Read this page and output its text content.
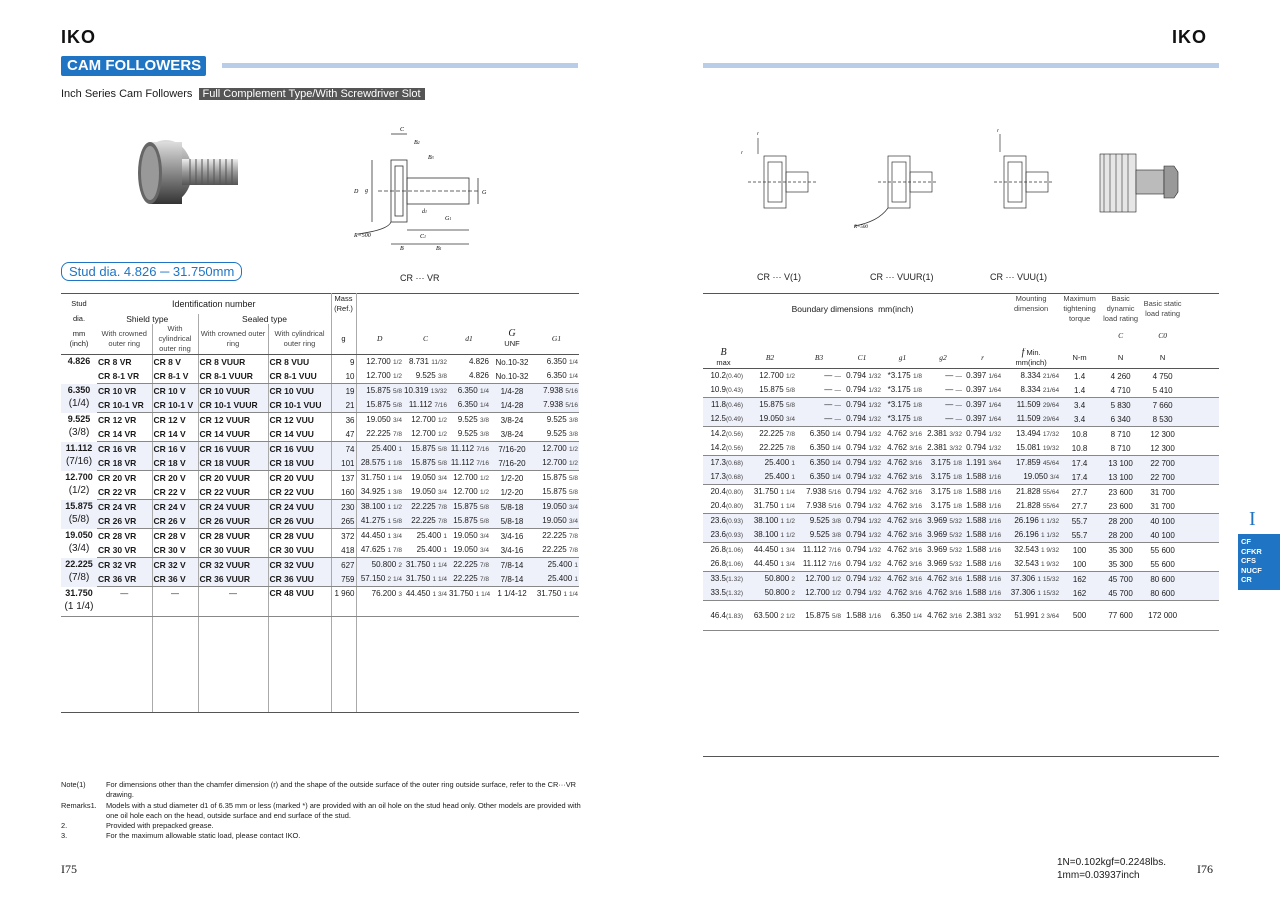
IKO
CAM FOLLOWERS
Inch Series Cam Followers Full Complement Type/With Screwdriver Slot
C
B2
B3
D g
d1
G1
G
C1
B	B1
R=500
Stud dia. 4.826 ─ 31.750mm	CR ··· VR
Stud	Identification number				Mass
(Ref.)					
dia.	Shield type		Sealed type							
mm
(inch)	With crowned outer ring	With cylindrical outer ring	With crowned outer ring	With cylindrical outer ring	g	D	C	d1	G
UNF	G1

4.826	CR 8 VR	CR 8 V	CR 8 VUUR	CR 8 VUU	9	12.700 1/2	8.731 11/32	4.826	No.10-32	6.350 1/4
	CR 8-1 VR	CR 8-1 V	CR 8-1 VUUR	CR 8-1 VUU	10	12.700 1/2	9.525 3/8	4.826	No.10-32	6.350 1/4

6.350
(1/4)	CR 10 VR	CR 10 V	CR 10 VUUR	CR 10 VUU	19	15.875 5/8	10.319 13/32	6.350 1/4	1/4-28	7.938 5/16
	CR 10-1 VR	CR 10-1 V	CR 10-1 VUUR	CR 10-1 VUU	21	15.875 5/8	11.112 7/16	6.350 1/4	1/4-28	7.938 5/16

9.525
(3/8)	CR 12 VR	CR 12 V	CR 12 VUUR	CR 12 VUU	36	19.050 3/4	12.700 1/2	9.525 3/8	3/8-24	9.525 3/8
	CR 14 VR	CR 14 V	CR 14 VUUR	CR 14 VUU	47	22.225 7/8	12.700 1/2	9.525 3/8	3/8-24	9.525 3/8

11.112
(7/16)	CR 16 VR	CR 16 V	CR 16 VUUR	CR 16 VUU	74	25.400 1	15.875 5/8	11.112 7/16	7/16-20	12.700 1/2
	CR 18 VR	CR 18 V	CR 18 VUUR	CR 18 VUU	101	28.575 1 1/8	15.875 5/8	11.112 7/16	7/16-20	12.700 1/2

12.700
(1/2)	CR 20 VR	CR 20 V	CR 20 VUUR	CR 20 VUU	137	31.750 1 1/4	19.050 3/4	12.700 1/2	1/2-20	15.875 5/8
	CR 22 VR	CR 22 V	CR 22 VUUR	CR 22 VUU	160	34.925 1 3/8	19.050 3/4	12.700 1/2	1/2-20	15.875 5/8

15.875
(5/8)	CR 24 VR	CR 24 V	CR 24 VUUR	CR 24 VUU	230	38.100 1 1/2	22.225 7/8	15.875 5/8	5/8-18	19.050 3/4
	CR 26 VR	CR 26 V	CR 26 VUUR	CR 26 VUU	265	41.275 1 5/8	22.225 7/8	15.875 5/8	5/8-18	19.050 3/4

19.050
(3/4)	CR 28 VR	CR 28 V	CR 28 VUUR	CR 28 VUU	372	44.450 1 3/4	25.400 1	19.050 3/4	3/4-16	22.225 7/8
	CR 30 VR	CR 30 V	CR 30 VUUR	CR 30 VUU	418	47.625 1 7/8	25.400 1	19.050 3/4	3/4-16	22.225 7/8

22.225
(7/8)	CR 32 VR	CR 32 V	CR 32 VUUR	CR 32 VUU	627	50.800 2	31.750 1 1/4	22.225 7/8	7/8-14	25.400 1
	CR 36 VR	CR 36 V	CR 36 VUUR	CR 36 VUU	759	57.150 2 1/4	31.750 1 1/4	22.225 7/8	7/8-14	25.400 1

31.750
(1 1/4)	—	—	—	CR 48 VUU	1 960	76.200 3	44.450 1 3/4	31.750 1 1/4	1 1/4-12	31.750 1 1/4

Note(1)	For dimensions other than the chamfer dimension (r) and the shape of the outside surface of the outer ring outside surface, refer to the CR···VR drawing.
Remarks1.	Models with a stud diameter d1 of 6.35 mm or less (marked *) are provided with an oil hole on the stud head only. Other models are provided with one oil hole each on the head, outside surface and end surface of the stud.
2.	Provided with prepacked grease.
3.	For the maximum allowable static load, please contact IKO.
I75
IKO
r
r
r
R=500
CR ··· V(1)	CR ··· VUUR(1)	CR ··· VUU(1)
Boundary dimensions mm(inch)							Mounting dimension	Maximum tightening torque	Basic dynamic load rating	Basic static load rating	
									C	C0	
B
max	B2	B3	C1	g1	g2	r	f Min.
mm(inch)	N-m	N	N	
10.2(0.40)	12.700 1/2	— —	0.794 1/32	*3.175 1/8	— —	0.397 1/64	8.334 21/64	1.4	4 260	4 750	
10.9(0.43)	15.875 5/8	— —	0.794 1/32	*3.175 1/8	— —	0.397 1/64	8.334 21/64	1.4	4 710	5 410	
11.8(0.46)	15.875 5/8	— —	0.794 1/32	*3.175 1/8	— —	0.397 1/64	11.509 29/64	3.4	5 830	7 660	
12.5(0.49)	19.050 3/4	— —	0.794 1/32	*3.175 1/8	— —	0.397 1/64	11.509 29/64	3.4	6 340	8 530	
14.2(0.56)	22.225 7/8	6.350 1/4	0.794 1/32	4.762 3/16	2.381 3/32	0.794 1/32	13.494 17/32	10.8	8 710	12 300	
14.2(0.56)	22.225 7/8	6.350 1/4	0.794 1/32	4.762 3/16	2.381 3/32	0.794 1/32	15.081 19/32	10.8	8 710	12 300	
17.3(0.68)	25.400 1	6.350 1/4	0.794 1/32	4.762 3/16	3.175 1/8	1.191 3/64	17.859 45/64	17.4	13 100	22 700	
17.3(0.68)	25.400 1	6.350 1/4	0.794 1/32	4.762 3/16	3.175 1/8	1.588 1/16	19.050 3/4	17.4	13 100	22 700	
20.4(0.80)	31.750 1 1/4	7.938 5/16	0.794 1/32	4.762 3/16	3.175 1/8	1.588 1/16	21.828 55/64	27.7	23 600	31 700	
20.4(0.80)	31.750 1 1/4	7.938 5/16	0.794 1/32	4.762 3/16	3.175 1/8	1.588 1/16	21.828 55/64	27.7	23 600	31 700	
23.6(0.93)	38.100 1 1/2	9.525 3/8	0.794 1/32	4.762 3/16	3.969 5/32	1.588 1/16	26.196 1 1/32	55.7	28 200	40 100	
23.6(0.93)	38.100 1 1/2	9.525 3/8	0.794 1/32	4.762 3/16	3.969 5/32	1.588 1/16	26.196 1 1/32	55.7	28 200	40 100	
26.8(1.06)	44.450 1 3/4	11.112 7/16	0.794 1/32	4.762 3/16	3.969 5/32	1.588 1/16	32.543 1 9/32	100	35 300	55 600	
26.8(1.06)	44.450 1 3/4	11.112 7/16	0.794 1/32	4.762 3/16	3.969 5/32	1.588 1/16	32.543 1 9/32	100	35 300	55 600	
33.5(1.32)	50.800 2	12.700 1/2	0.794 1/32	4.762 3/16	4.762 3/16	1.588 1/16	37.306 1 15/32	162	45 700	80 600	
33.5(1.32)	50.800 2	12.700 1/2	0.794 1/32	4.762 3/16	4.762 3/16	1.588 1/16	37.306 1 15/32	162	45 700	80 600	
46.4(1.83)	63.500 2 1/2	15.875 5/8	1.588 1/16	6.350 1/4	4.762 3/16	2.381 3/32	51.991 2 3/64	500	77 600	172 000	

I
CF
CFKR
CFS
NUCF
CR
1N=0.102kgf=0.2248lbs.
1mm=0.03937inch	I76
